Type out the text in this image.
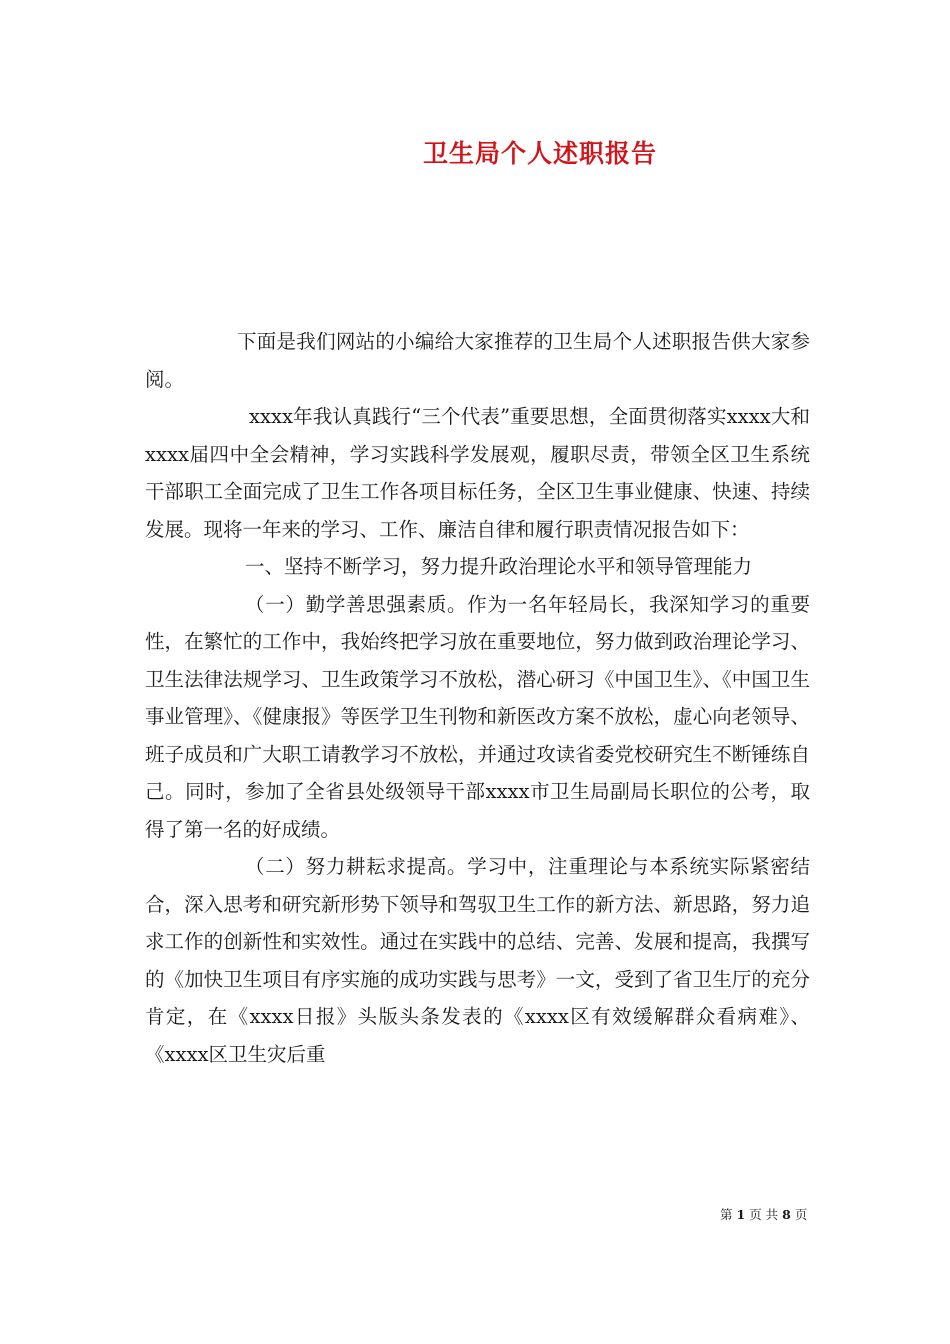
卫生局个人述职报告

下面是我们网站的小编给大家推荐的卫生局个人述职报告供大家参阅。

xxxx年我认真践行“三个代表”重要思想，全面贯彻落实xxxx大和xxxx届四中全会精神，学习实践科学发展观，履职尽责，带领全区卫生系统干部职工全面完成了卫生工作各项目标任务，全区卫生事业健康、快速、持续发展。现将一年来的学习、工作、廉洁自律和履行职责情况报告如下：

一、坚持不断学习，努力提升政治理论水平和领导管理能力

（一）勤学善思强素质。作为一名年轻局长，我深知学习的重要性，在繁忙的工作中，我始终把学习放在重要地位，努力做到政治理论学习、卫生法律法规学习、卫生政策学习不放松，潜心研习《中国卫生》、《中国卫生事业管理》、《健康报》等医学卫生刊物和新医改方案不放松，虚心向老领导、班子成员和广大职工请教学习不放松，并通过攻读省委党校研究生不断锤练自己。同时，参加了全省县处级领导干部xxxx市卫生局副局长职位的公考，取得了第一名的好成绩。

（二）努力耕耘求提高。学习中，注重理论与本系统实际紧密结合，深入思考和研究新形势下领导和驾驭卫生工作的新方法、新思路，努力追求工作的创新性和实效性。通过在实践中的总结、完善、发展和提高，我撰写的《加快卫生项目有序实施的成功实践与思考》一文，受到了省卫生厅的充分肯定，在《xxxx日报》头版头条发表的《xxxx区有效缓解群众看病难》、《xxxx区卫生灾后重

第 1 页 共 8 页
